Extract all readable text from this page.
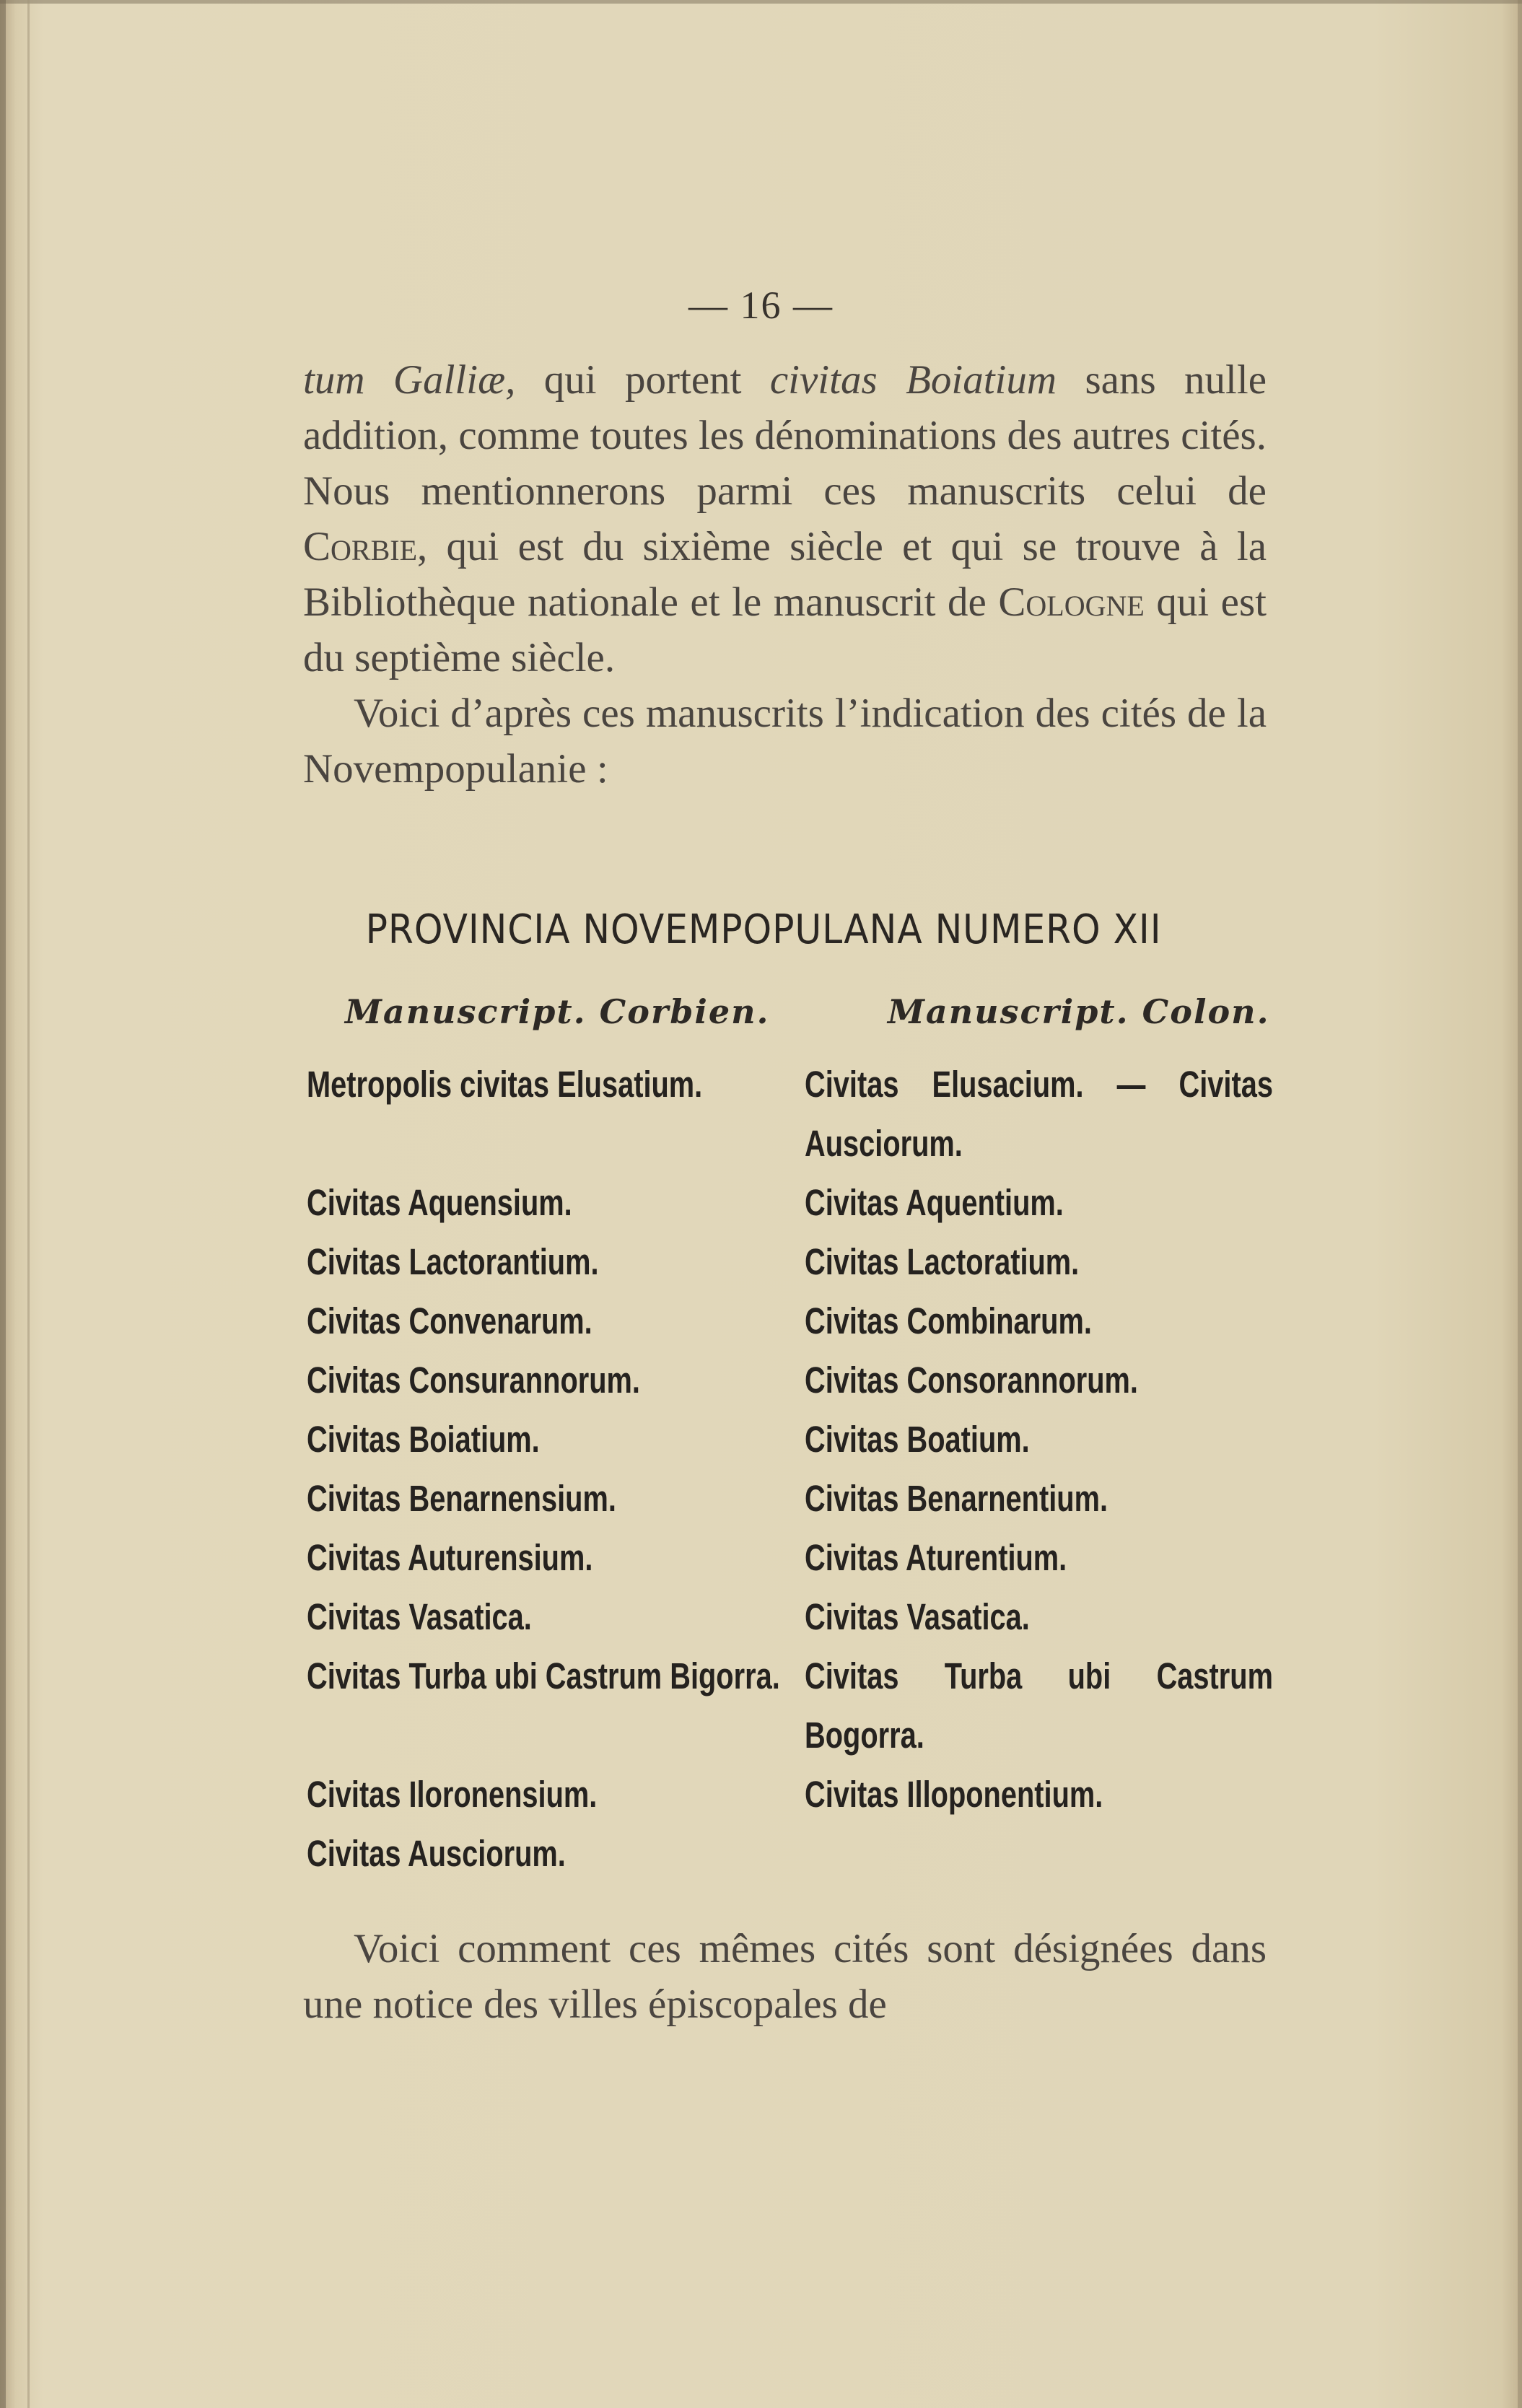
— 16 —

tum Galliæ, qui portent civitas Boiatium sans nulle addition, comme toutes les dénominations des autres cités. Nous mentionnerons parmi ces manuscrits celui de Corbie, qui est du sixième siècle et qui se trouve à la Bibliothèque nationale et le manuscrit de Cologne qui est du septième siècle.

Voici d’après ces manuscrits l’indication des cités de la Novempopulanie :

PROVINCIA NOVEMPOPULANA NUMERO XII
Manuscript. Corbien.	Manuscript. Colon.
Metropolis civitas Elusatium.	Civitas Elusacium. — Civitas Ausciorum.
Civitas Aquensium.	Civitas Aquentium.
Civitas Lactorantium.	Civitas Lactoratium.
Civitas Convenarum.	Civitas Combinarum.
Civitas Consurannorum.	Civitas Consorannorum.
Civitas Boiatium.	Civitas Boatium.
Civitas Benarnensium.	Civitas Benarnentium.
Civitas Auturensium.	Civitas Aturentium.
Civitas Vasatica.	Civitas Vasatica.
Civitas Turba ubi Castrum Bigorra. Civitas Turba ubi Castrum Bogorra.
Civitas Iloronensium.	Civitas Illoponentium.
Civitas Ausciorum.

Voici comment ces mêmes cités sont désignées dans une notice des villes épiscopales de
